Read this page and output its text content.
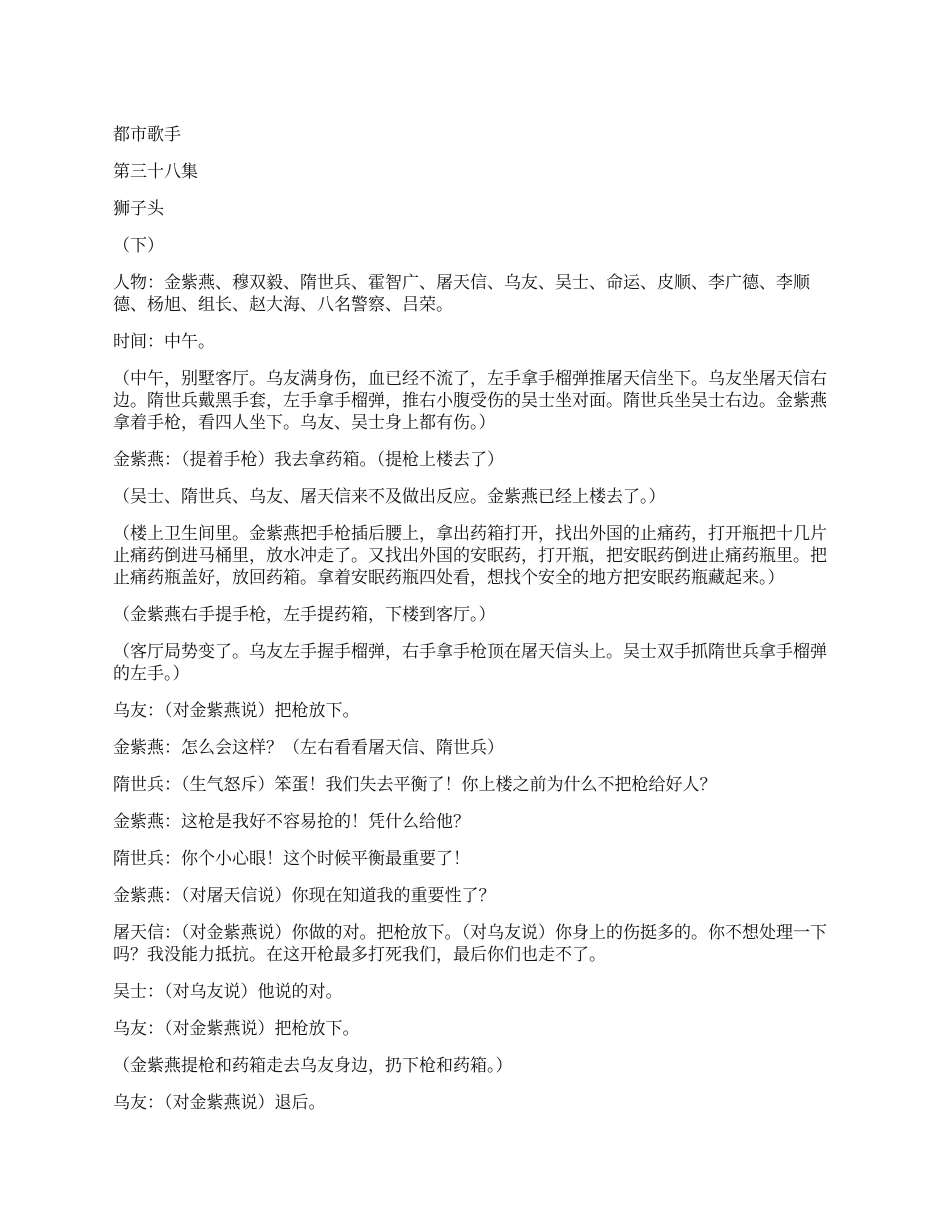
都市歌手

第三十八集

狮子头

（下）

人物：金紫燕、穆双毅、隋世兵、霍智广、屠天信、乌友、吴士、命运、皮顺、李广德、李顺德、杨旭、组长、赵大海、八名警察、吕荣。

时间：中午。

（中午，别墅客厅。乌友满身伤，血已经不流了，左手拿手榴弹推屠天信坐下。乌友坐屠天信右边。隋世兵戴黑手套，左手拿手榴弹，推右小腹受伤的吴士坐对面。隋世兵坐吴士右边。金紫燕拿着手枪，看四人坐下。乌友、吴士身上都有伤。）

金紫燕：（提着手枪）我去拿药箱。（提枪上楼去了）

（吴士、隋世兵、乌友、屠天信来不及做出反应。金紫燕已经上楼去了。）

（楼上卫生间里。金紫燕把手枪插后腰上，拿出药箱打开，找出外国的止痛药，打开瓶把十几片止痛药倒进马桶里，放水冲走了。又找出外国的安眠药，打开瓶，把安眠药倒进止痛药瓶里。把止痛药瓶盖好，放回药箱。拿着安眠药瓶四处看，想找个安全的地方把安眠药瓶藏起来。）

（金紫燕右手提手枪，左手提药箱，下楼到客厅。）

（客厅局势变了。乌友左手握手榴弹，右手拿手枪顶在屠天信头上。吴士双手抓隋世兵拿手榴弹的左手。）

乌友：（对金紫燕说）把枪放下。

金紫燕：怎么会这样？（左右看看屠天信、隋世兵）

隋世兵：（生气怒斥）笨蛋！我们失去平衡了！你上楼之前为什么不把枪给好人？

金紫燕：这枪是我好不容易抢的！凭什么给他？

隋世兵：你个小心眼！这个时候平衡最重要了！

金紫燕：（对屠天信说）你现在知道我的重要性了？

屠天信：（对金紫燕说）你做的对。把枪放下。（对乌友说）你身上的伤挺多的。你不想处理一下吗？我没能力抵抗。在这开枪最多打死我们，最后你们也走不了。

吴士：（对乌友说）他说的对。

乌友：（对金紫燕说）把枪放下。

（金紫燕提枪和药箱走去乌友身边，扔下枪和药箱。）

乌友：（对金紫燕说）退后。
